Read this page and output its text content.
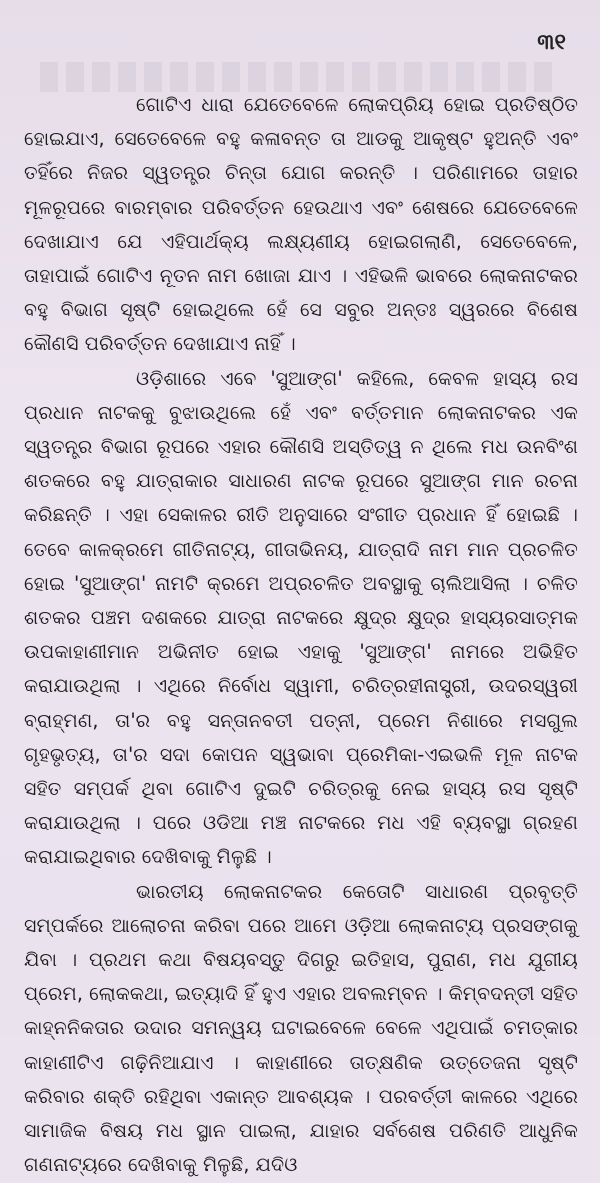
୩୧

ଗୋଟିଏ ଧାରା ଯେତେବେଳେ ଲୋକପ୍ରିୟ ହୋଇ ପ୍ରତିଷ୍ଠିତ ହୋଇଯାଏ, ସେତେବେଳେ ବହୁ କଳାବନ୍ତ ତା ଆଡକୁ ଆକୃଷ୍ଟ ହୁଅନ୍ତି ଏବଂ ତହିଁରେ ନିଜର ସ୍ୱତନ୍ତ୍ର ଚିନ୍ତା ଯୋଗ କରନ୍ତି । ପରିଣାମରେ ତାହାର ମୂଳରୂପରେ ବାରମ୍ବାର ପରିବର୍ତ୍ତନ ହେଉଥାଏ ଏବଂ ଶେଷରେ ଯେତେବେଳେ ଦେଖାଯାଏ ଯେ ଏହିପାର୍ଥକ୍ୟ ଲକ୍ଷ୍ୟଣୀୟ ହୋଇଗଲାଣି, ସେତେବେଳେ, ତାହାପାଇଁ ଗୋଟିଏ ନୂତନ ନାମ ଖୋଜା ଯାଏ । ଏହିଭଳି ଭାବରେ ଲୋକନାଟକର ବହୁ ବିଭାଗ ସୃଷ୍ଟି ହୋଇଥିଲେ ହେଁ ସେ ସବୁର ଅନ୍ତଃ ସ୍ୱରରେ ବିଶେଷ କୌଣସି ପରିବର୍ତ୍ତନ ଦେଖାଯାଏ ନାହିଁ ।

ଓଡ଼ିଶାରେ ଏବେ 'ସୁଆଙ୍ଗ' କହିଲେ, କେବଳ ହାସ୍ୟ ରସ ପ୍ରଧାନ ନାଟକକୁ ବୁଝାଉଥିଲେ ହେଁ ଏବଂ ବର୍ତ୍ତମାନ ଲୋକନାଟକର ଏକ ସ୍ୱତନ୍ତ୍ର ବିଭାଗ ରୂପରେ ଏହାର କୌଣସି ଅସ୍ତିତ୍ୱ ନ ଥିଲେ ମଧ ଉନବିଂଶ ଶତକରେ ବହୁ ଯାତ୍ରାକାର ସାଧାରଣ ନାଟକ ରୂପରେ ସୁଆଙ୍ଗ ମାନ ରଚନା କରିଛନ୍ତି । ଏହା ସେକାଳର ରୀତି ଅନୁସାରେ ସଂଗୀତ ପ୍ରଧାନ ହିଁ ହୋଇଛି । ତେବେ କାଳକ୍ରମେ ଗୀତିନାଟ୍ୟ, ଗୀତାଭିନୟ, ଯାତ୍ରାଦି ନାମ ମାନ ପ୍ରଚଳିତ ହୋଇ 'ସୁଆଙ୍ଗ' ନାମଟି କ୍ରମେ ଅପ୍ରଚଳିତ ଅବସ୍ଥାକୁ ଚାଲିଆସିଲା । ଚଳିତ ଶତକର ପଞ୍ଚମ ଦଶକରେ ଯାତ୍ରା ନାଟକରେ କ୍ଷୁଦ୍ର କ୍ଷୁଦ୍ର ହାସ୍ୟରସାତ୍ମକ ଉପକାହାଣୀମାନ ଅଭିନୀତ ହୋଇ ଏହାକୁ 'ସୁଆଙ୍ଗ' ନାମରେ ଅଭିହିତ କରାଯାଉଥିଲା । ଏଥିରେ ନିର୍ବୋଧ ସ୍ୱାମୀ, ଚରିତ୍ରହୀନାସ୍ତ୍ରୀ, ଉଦରସ୍ୱରୀ ବ୍ରାହ୍ମଣ, ତା'ର ବହୁ ସନ୍ତାନବତୀ ପତ୍ନୀ, ପ୍ରେମ ନିଶାରେ ମସଗୁଲ ଗୃହଭୃତ୍ୟ, ତା'ର ସଦା କୋପନ ସ୍ୱଭାବା ପ୍ରେମିକା-ଏଇଭଳି ମୂଳ ନାଟକ ସହିତ ସମ୍ପର୍କ ଥିବା ଗୋଟିଏ ଦୁଇଟି ଚରିତ୍ରକୁ ନେଇ ହାସ୍ୟ ରସ ସୃଷ୍ଟି କରାଯାଉଥିଲା । ପରେ ଓଡିଆ ମଞ୍ଚ ନାଟକରେ ମଧ ଏହି ବ୍ୟବସ୍ଥା ଗ୍ରହଣ କରାଯାଇଥିବାର ଦେଖିବାକୁ ମିଳୁଛି ।

ଭାରତୀୟ ଲୋକନାଟକର କେତୋଟି ସାଧାରଣ ପ୍ରବୃତ୍ତି ସମ୍ପର୍କରେ ଆଲୋଚନା କରିବା ପରେ ଆମେ ଓଡ଼ିଆ ଲୋକନାଟ୍ୟ ପ୍ରସଙ୍ଗକୁ ଯିବା । ପ୍ରଥମ କଥା ବିଷୟବସ୍ତୁ ଦିଗରୁ ଇତିହାସ, ପୁରାଣ, ମଧ ଯୁଗୀୟ ପ୍ରେମ, ଲୋକକଥା, ଇତ୍ୟାଦି ହିଁ ହୁଏ ଏହାର ଅବଲମ୍ବନ । କିମ୍ବଦନ୍ତୀ ସହିତ କାହ୍ନନିକତାର ଉଦାର ସମନ୍ୱୟ ଘଟାଇବେଳେ ବେଳେ ଏଥିପାଇଁ ଚମତ୍କାର କାହାଣୀଟିଏ ଗଢ଼ିନିଆଯାଏ । କାହାଣୀରେ ତାତ୍କ୍ଷଣିକ ଉତ୍ତେଜନା ସୃଷ୍ଟି କରିବାର ଶକ୍ତି ରହିଥିବା ଏକାନ୍ତ ଆବଶ୍ୟକ । ପରବର୍ତ୍ତୀ କାଳରେ ଏଥିରେ ସାମାଜିକ ବିଷୟ ମଧ ସ୍ଥାନ ପାଇଲା, ଯାହାର ସର୍ବଶେଷ ପରିଣତି ଆଧୁନିକ ଗଣନାଟ୍ୟରେ ଦେଖିବାକୁ ମିଳୁଛି, ଯଦିଓ
